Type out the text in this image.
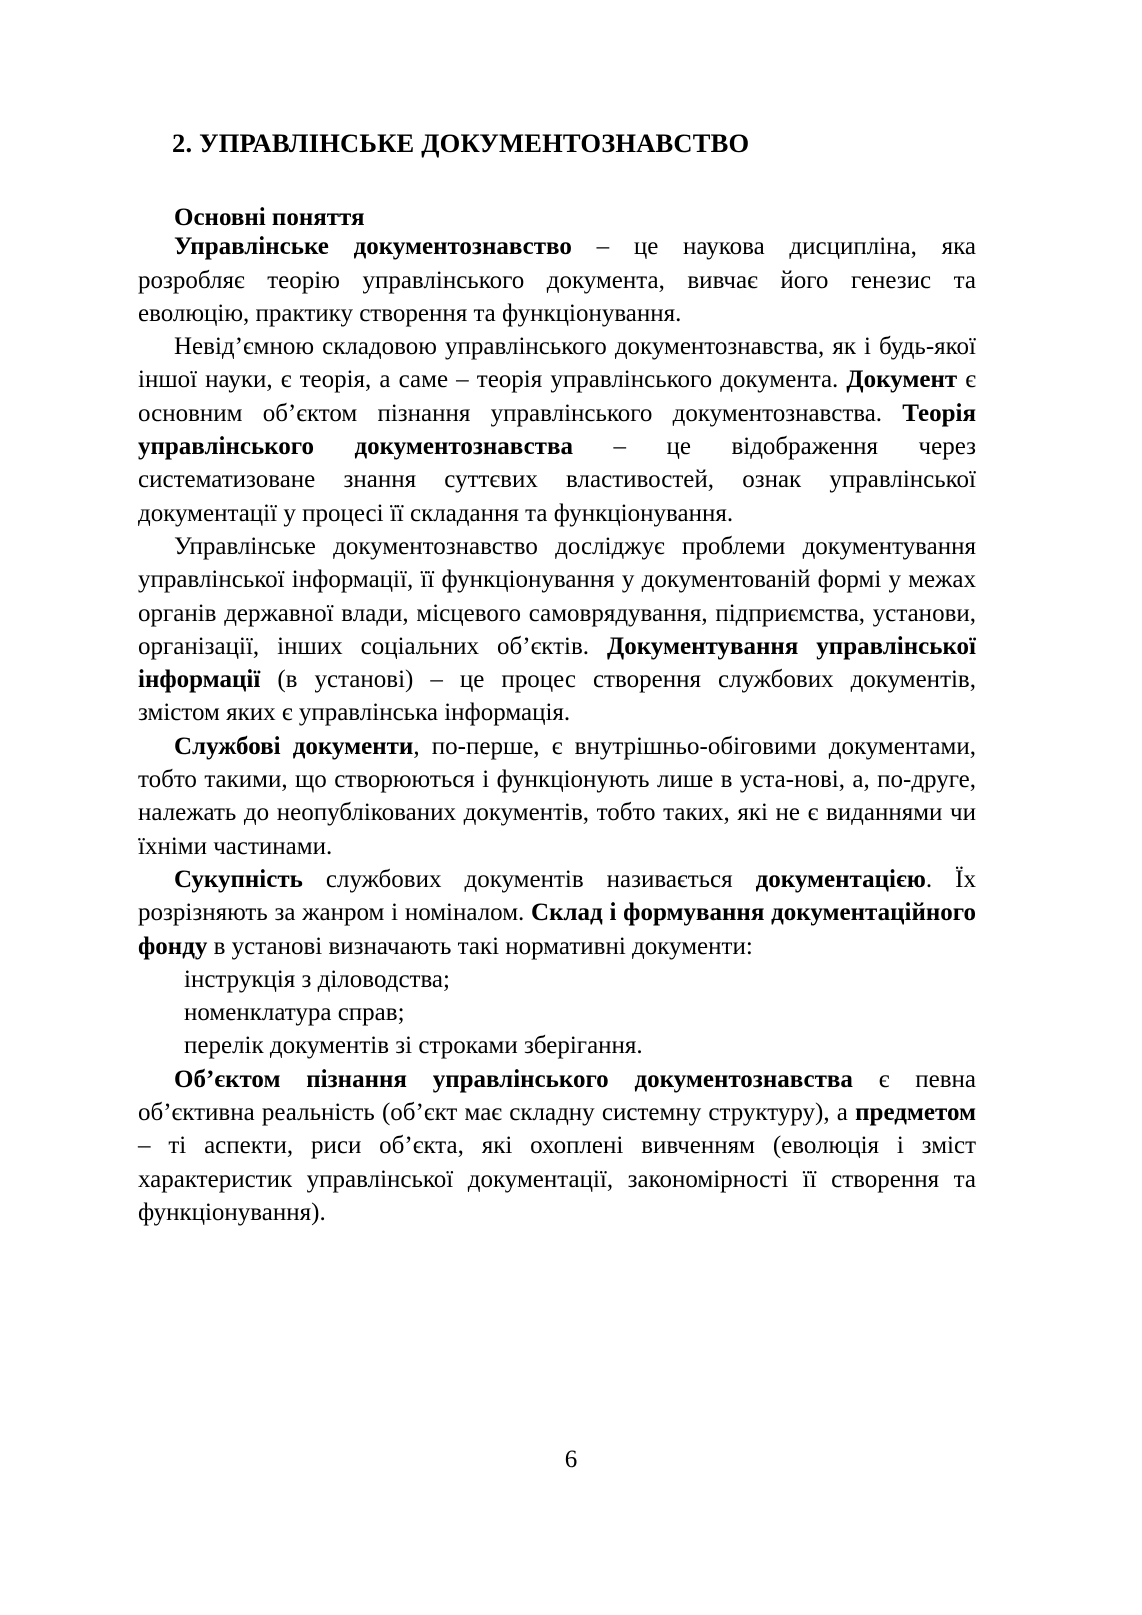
2. УПРАВЛІНСЬКЕ ДОКУМЕНТОЗНАВСТВО
Основні поняття

Управлінське документознавство – це наукова дисципліна, яка розробляє теорію управлінського документа, вивчає його генезис та еволюцію, практику створення та функціонування.

Невід’ємною складовою управлінського документознавства, як і будь-якої іншої науки, є теорія, а саме – теорія управлінського документа. Документ є основним об’єктом пізнання управлінського документознавства. Теорія управлінського документознавства – це відображення через систематизоване знання суттєвих властивостей, ознак управлінської документації у процесі її складання та функціонування.

Управлінське документознавство досліджує проблеми документування управлінської інформації, її функціонування у документованій формі у межах органів державної влади, місцевого самоврядування, підприємства, установи, організації, інших соціальних об’єктів. Документування управлінської інформації (в установі) – це процес створення службових документів, змістом яких є управлінська інформація.

Службові документи, по-перше, є внутрішньо-обіговими документами, тобто такими, що створюються і функціонують лише в уста-нові, а, по-друге, належать до неопублікованих документів, тобто таких, які не є виданнями чи їхніми частинами.

Сукупність службових документів називається документацією. Їх розрізняють за жанром і номіналом. Склад і формування документаційного фонду в установі визначають такі нормативні документи:

інструкція з діловодства;

номенклатура справ;

перелік документів зі строками зберігання.

Об’єктом пізнання управлінського документознавства є певна об’єктивна реальність (об’єкт має складну системну структуру), а предметом – ті аспекти, риси об’єкта, які охоплені вивченням (еволюція і зміст характеристик управлінської документації, закономірності її створення та функціонування).

6
